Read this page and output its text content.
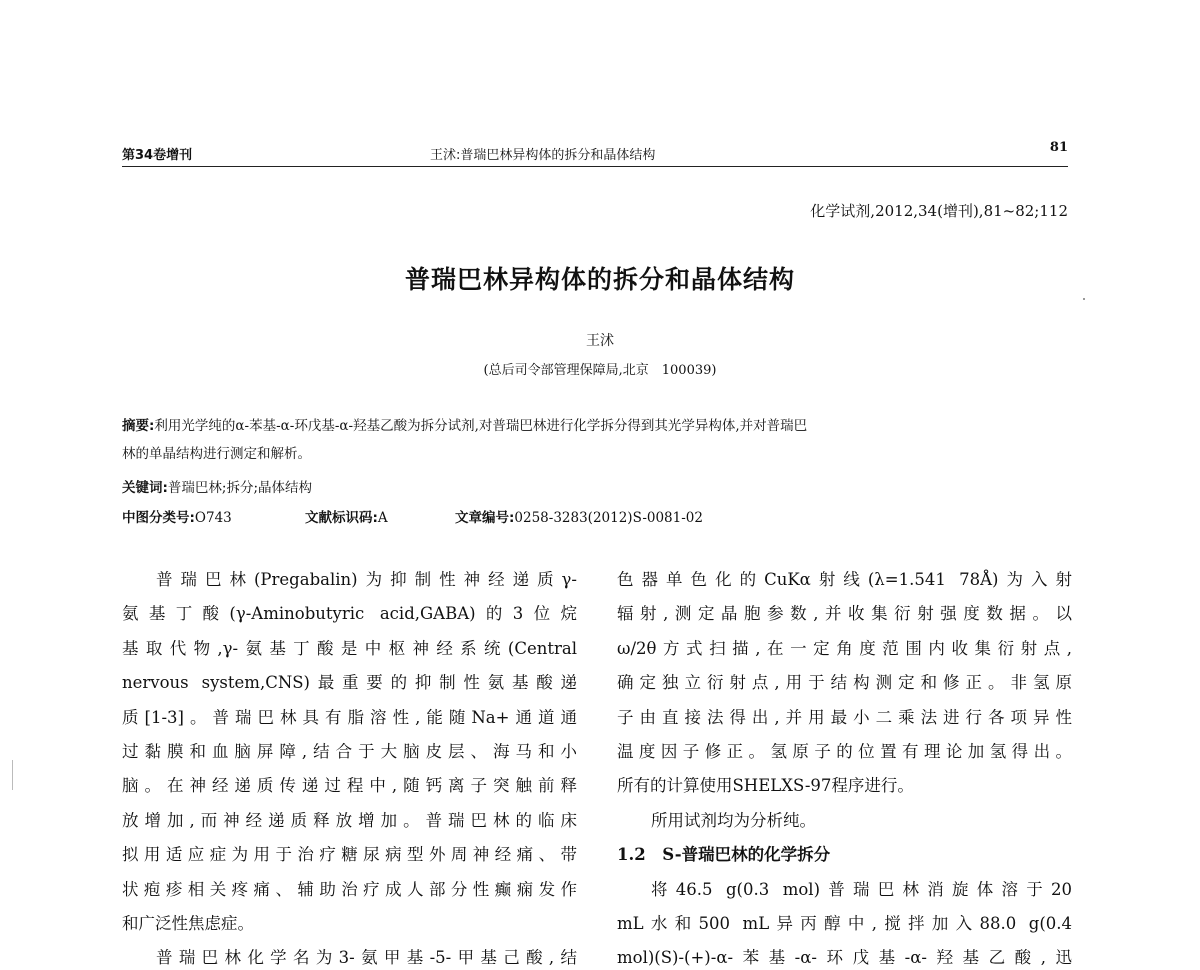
第34卷增刊	王沭:普瑞巴林异构体的拆分和晶体结构
81
化学试剂,2012,34(增刊),81~82;112
普瑞巴林异构体的拆分和晶体结构
王沭
(总后司令部管理保障局,北京　100039)
摘要:利用光学纯的α-苯基-α-环戊基-α-羟基乙酸为拆分试剂,对普瑞巴林进行化学拆分得到其光学异构体,并对普瑞巴
林的单晶结构进行测定和解析。
关键词:普瑞巴林;拆分;晶体结构
中图分类号:O743	文献标识码:A	文章编号:0258-3283(2012)S-0081-02
普瑞巴林(Pregabalin)为抑制性神经递质γ-
氨基丁酸(γ-Aminobutyric acid,GABA)的3位烷
基取代物,γ-氨基丁酸是中枢神经系统(Central
nervous system,CNS)最重要的抑制性氨基酸递
质[1-3]。普瑞巴林具有脂溶性,能随Na+通道通
过黏膜和血脑屏障,结合于大脑皮层、海马和小
脑。在神经递质传递过程中,随钙离子突触前释
放增加,而神经递质释放增加。普瑞巴林的临床
拟用适应症为用于治疗糖尿病型外周神经痛、带
状疱疹相关疼痛、辅助治疗成人部分性癫痫发作
和广泛性焦虑症。
普瑞巴林化学名为3-氨甲基-5-甲基己酸,结
色器单色化的CuKα射线(λ=1.541 78Å)为入射
辐射,测定晶胞参数,并收集衍射强度数据。以
ω/2θ方式扫描,在一定角度范围内收集衍射点,
确定独立衍射点,用于结构测定和修正。非氢原
子由直接法得出,并用最小二乘法进行各项异性
温度因子修正。氢原子的位置有理论加氢得出。
所有的计算使用SHELXS-97程序进行。
所用试剂均为分析纯。
1.2　S-普瑞巴林的化学拆分
将46.5 g(0.3 mol)普瑞巴林消旋体溶于20
mL水和500 mL异丙醇中,搅拌加入88.0 g(0.4
mol)(S)-(+)-α-苯基-α-环戊基-α-羟基乙酸,迅
